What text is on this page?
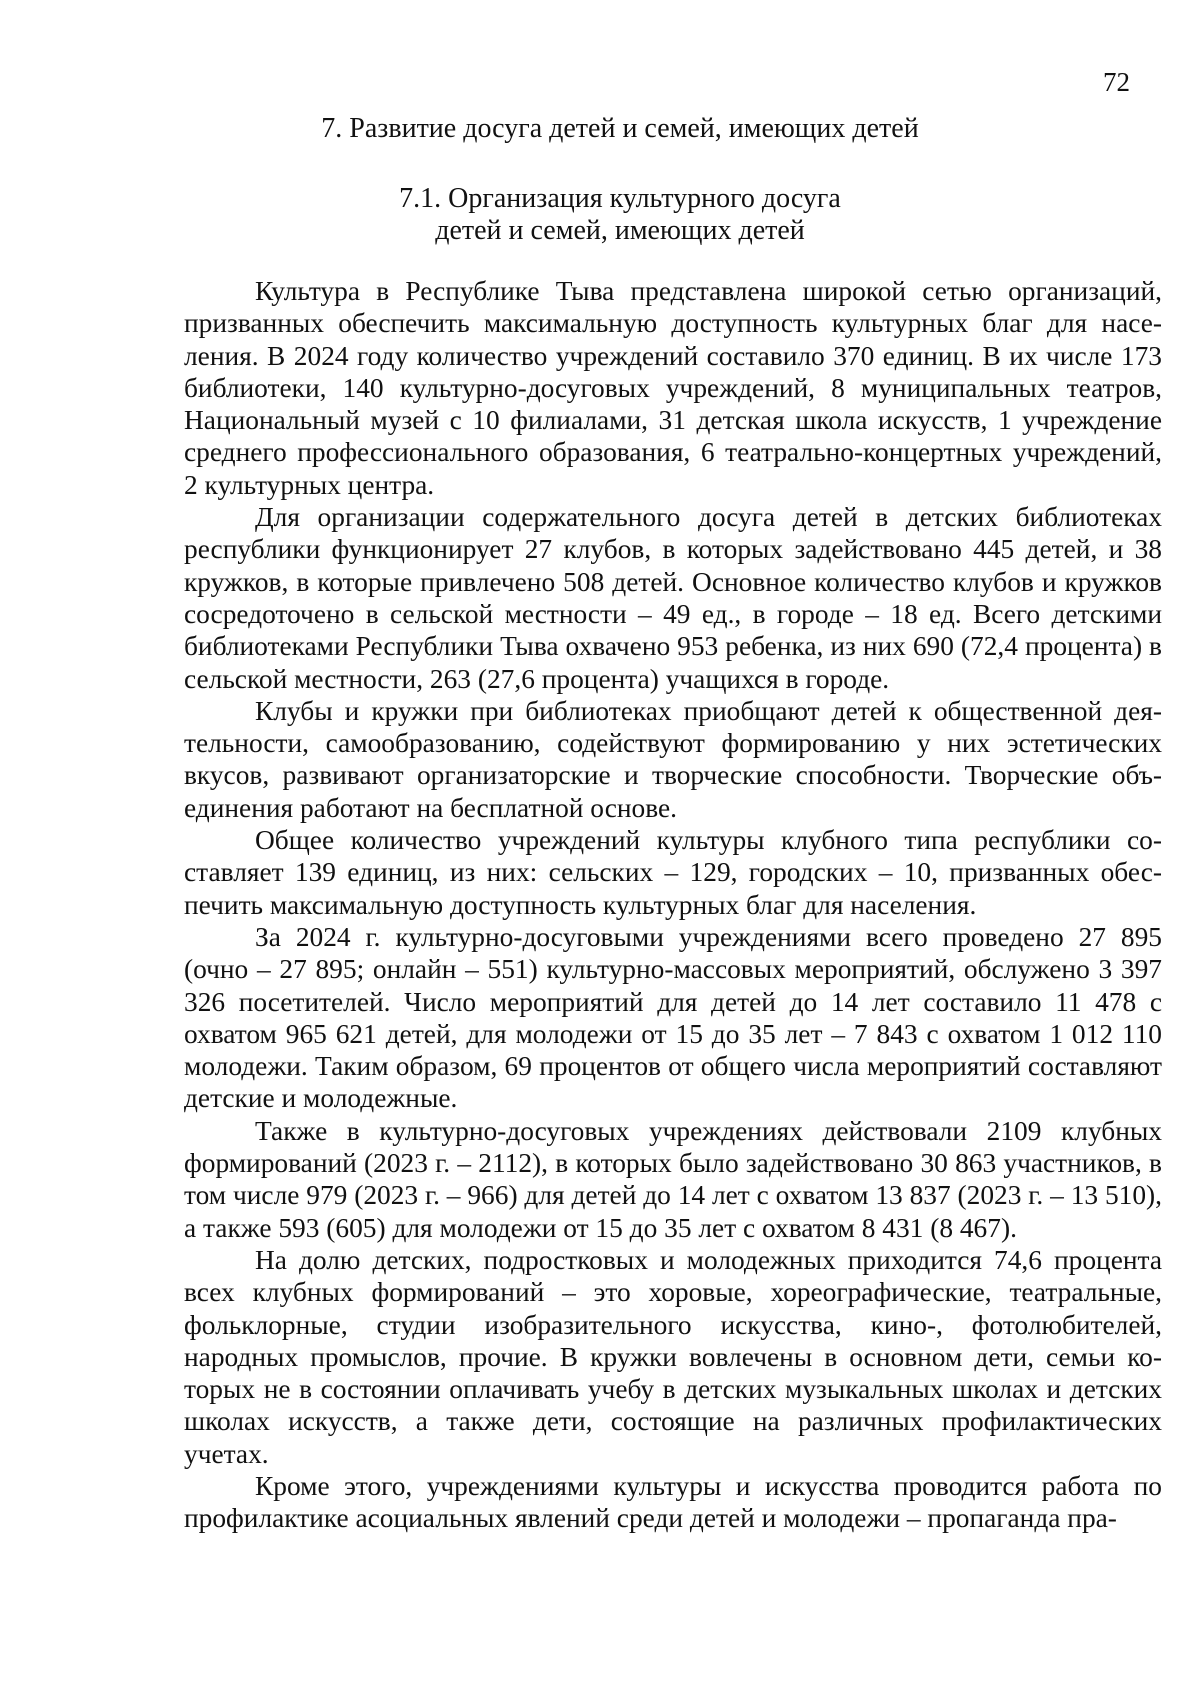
72
7. Развитие досуга детей и семей, имеющих детей
7.1. Организация культурного досуга
детей и семей, имеющих детей

Культура в Республике Тыва представлена широкой сетью организаций, призванных обеспечить максимальную доступность культурных благ для населения. В 2024 году количество учреждений составило 370 единиц. В их числе 173 библиотеки, 140 культурно-досуговых учреждений, 8 муниципальных театров, Национальный музей с 10 филиалами, 31 детская школа искусств, 1 учреждение среднего профессионального образования, 6 театрально-концертных учреждений, 2 культурных центра.

Для организации содержательного досуга детей в детских библиотеках республики функционирует 27 клубов, в которых задействовано 445 детей, и 38 кружков, в которые привлечено 508 детей. Основное количество клубов и кружков сосредоточено в сельской местности – 49 ед., в городе – 18 ед. Всего детскими библиотеками Республики Тыва охвачено 953 ребенка, из них 690 (72,4 процента) в сельской местности, 263 (27,6 процента) учащихся в городе.

Клубы и кружки при библиотеках приобщают детей к общественной деятельности, самообразованию, содействуют формированию у них эстетических вкусов, развивают организаторские и творческие способности. Творческие объединения работают на бесплатной основе.

Общее количество учреждений культуры клубного типа республики составляет 139 единиц, из них: сельских – 129, городских – 10, призванных обеспечить максимальную доступность культурных благ для населения.

За 2024 г. культурно-досуговыми учреждениями всего проведено 27 895 (очно – 27 895; онлайн – 551) культурно-массовых мероприятий, обслужено 3 397 326 посетителей. Число мероприятий для детей до 14 лет составило 11 478 с охватом 965 621 детей, для молодежи от 15 до 35 лет – 7 843 с охватом 1 012 110 молодежи. Таким образом, 69 процентов от общего числа мероприятий составляют детские и молодежные.

Также в культурно-досуговых учреждениях действовали 2109 клубных формирований (2023 г. – 2112), в которых было задействовано 30 863 участников, в том числе 979 (2023 г. – 966) для детей до 14 лет с охватом 13 837 (2023 г. – 13 510), а также 593 (605) для молодежи от 15 до 35 лет с охватом 8 431 (8 467).

На долю детских, подростковых и молодежных приходится 74,6 процента всех клубных формирований – это хоровые, хореографические, театральные, фольклорные, студии изобразительного искусства, кино-, фотолюбителей, народных промыслов, прочие. В кружки вовлечены в основном дети, семьи которых не в состоянии оплачивать учебу в детских музыкальных школах и детских школах искусств, а также дети, состоящие на различных профилактических учетах.

Кроме этого, учреждениями культуры и искусства проводится работа по профилактике асоциальных явлений среди детей и молодежи – пропаганда пра-
